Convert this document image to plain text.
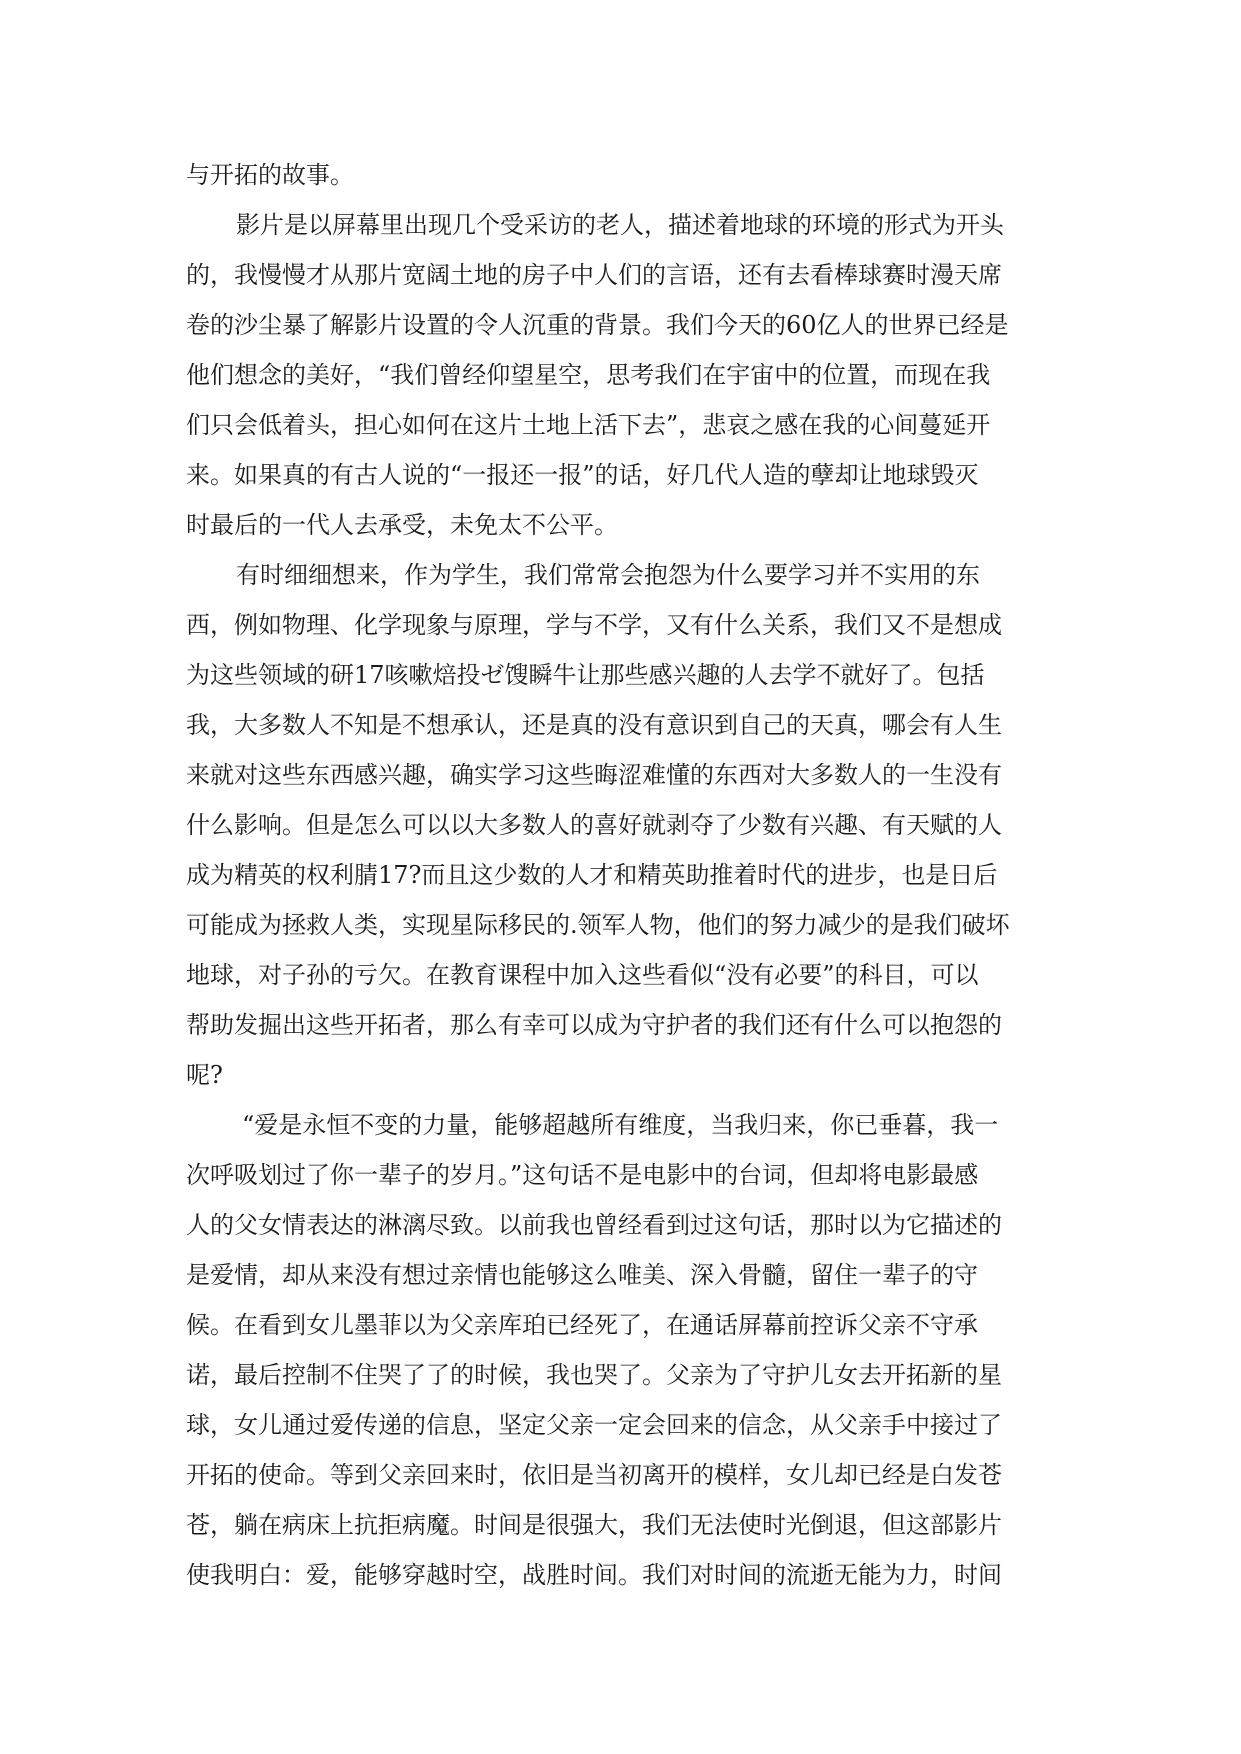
与开拓的故事。
影片是以屏幕里出现几个受采访的老人，描述着地球的环境的形式为开头
的，我慢慢才从那片宽阔土地的房子中人们的言语，还有去看棒球赛时漫天席
卷的沙尘暴了解影片设置的令人沉重的背景。我们今天的60亿人的世界已经是
他们想念的美好，“我们曾经仰望星空，思考我们在宇宙中的位置，而现在我
们只会低着头，担心如何在这片土地上活下去”，悲哀之感在我的心间蔓延开
来。如果真的有古人说的“一报还一报”的话，好几代人造的孽却让地球毁灭
时最后的一代人去承受，未免太不公平。
有时细细想来，作为学生，我们常常会抱怨为什么要学习并不实用的东
西，例如物理、化学现象与原理，学与不学，又有什么关系，我们又不是想成
为这些领域的研17咳嗽焙投ゼ馊瞬牛让那些感兴趣的人去学不就好了。包括
我，大多数人不知是不想承认，还是真的没有意识到自己的天真，哪会有人生
来就对这些东西感兴趣，确实学习这些晦涩难懂的东西对大多数人的一生没有
什么影响。但是怎么可以以大多数人的喜好就剥夺了少数有兴趣、有天赋的人
成为精英的权利腈17?而且这少数的人才和精英助推着时代的进步，也是日后
可能成为拯救人类，实现星际移民的.领军人物，他们的努力减少的是我们破坏
地球，对子孙的亏欠。在教育课程中加入这些看似“没有必要”的科目，可以
帮助发掘出这些开拓者，那么有幸可以成为守护者的我们还有什么可以抱怨的
呢?
“爱是永恒不变的力量，能够超越所有维度，当我归来，你已垂暮，我一
次呼吸划过了你一辈子的岁月。”这句话不是电影中的台词，但却将电影最感
人的父女情表达的淋漓尽致。以前我也曾经看到过这句话，那时以为它描述的
是爱情，却从来没有想过亲情也能够这么唯美、深入骨髓，留住一辈子的守
候。在看到女儿墨菲以为父亲库珀已经死了，在通话屏幕前控诉父亲不守承
诺，最后控制不住哭了了的时候，我也哭了。父亲为了守护儿女去开拓新的星
球，女儿通过爱传递的信息，坚定父亲一定会回来的信念，从父亲手中接过了
开拓的使命。等到父亲回来时，依旧是当初离开的模样，女儿却已经是白发苍
苍，躺在病床上抗拒病魔。时间是很强大，我们无法使时光倒退，但这部影片
使我明白：爱，能够穿越时空，战胜时间。我们对时间的流逝无能为力，时间
